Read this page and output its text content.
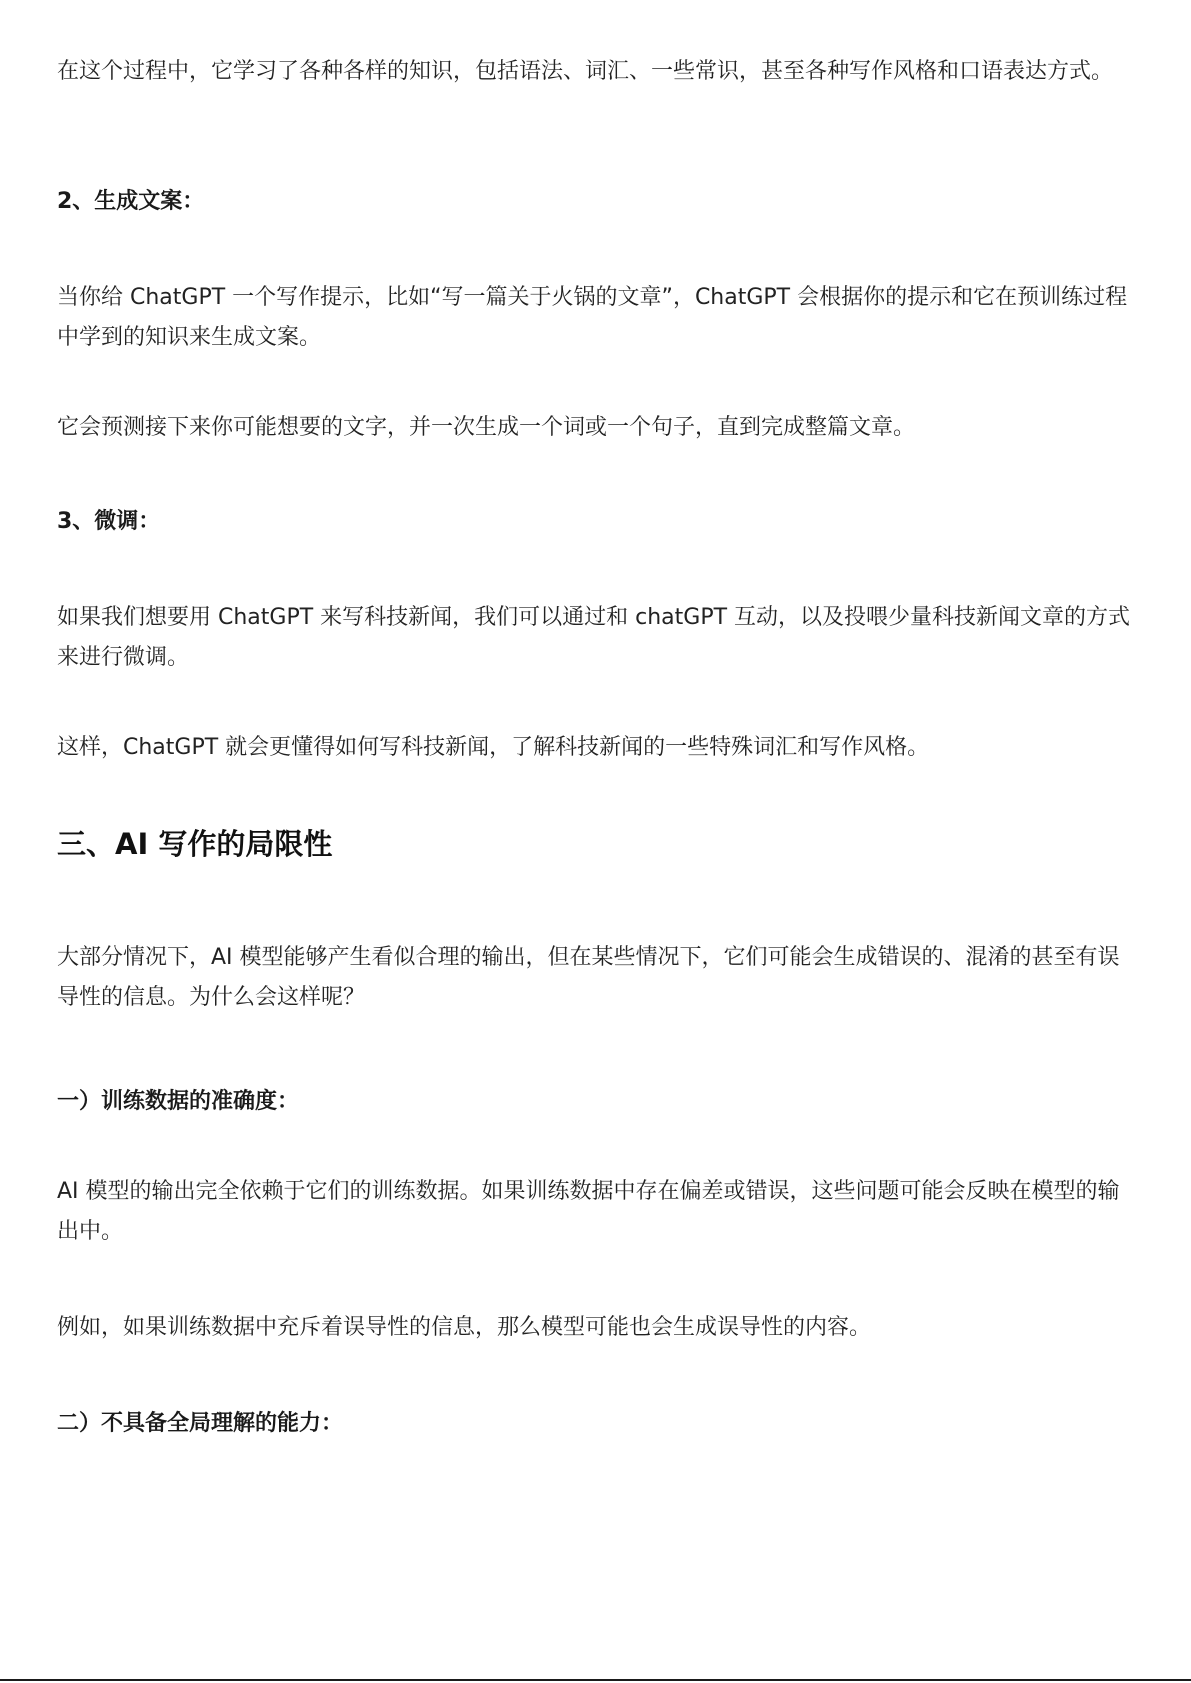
在这个过程中，它学习了各种各样的知识，包括语法、词汇、一些常识，甚至各种写作风格和口语表达方式。

2、生成文案：

当你给 ChatGPT 一个写作提示，比如“写一篇关于火锅的文章”，ChatGPT 会根据你的提示和它在预训练过程中学到的知识来生成文案。

它会预测接下来你可能想要的文字，并一次生成一个词或一个句子，直到完成整篇文章。

3、微调：

如果我们想要用 ChatGPT 来写科技新闻，我们可以通过和 chatGPT 互动，以及投喂少量科技新闻文章的方式来进行微调。

这样，ChatGPT 就会更懂得如何写科技新闻，了解科技新闻的一些特殊词汇和写作风格。

三、AI 写作的局限性

大部分情况下，AI 模型能够产生看似合理的输出，但在某些情况下，它们可能会生成错误的、混淆的甚至有误导性的信息。为什么会这样呢？

一）训练数据的准确度：

AI 模型的输出完全依赖于它们的训练数据。如果训练数据中存在偏差或错误，这些问题可能会反映在模型的输出中。

例如，如果训练数据中充斥着误导性的信息，那么模型可能也会生成误导性的内容。

二）不具备全局理解的能力：
